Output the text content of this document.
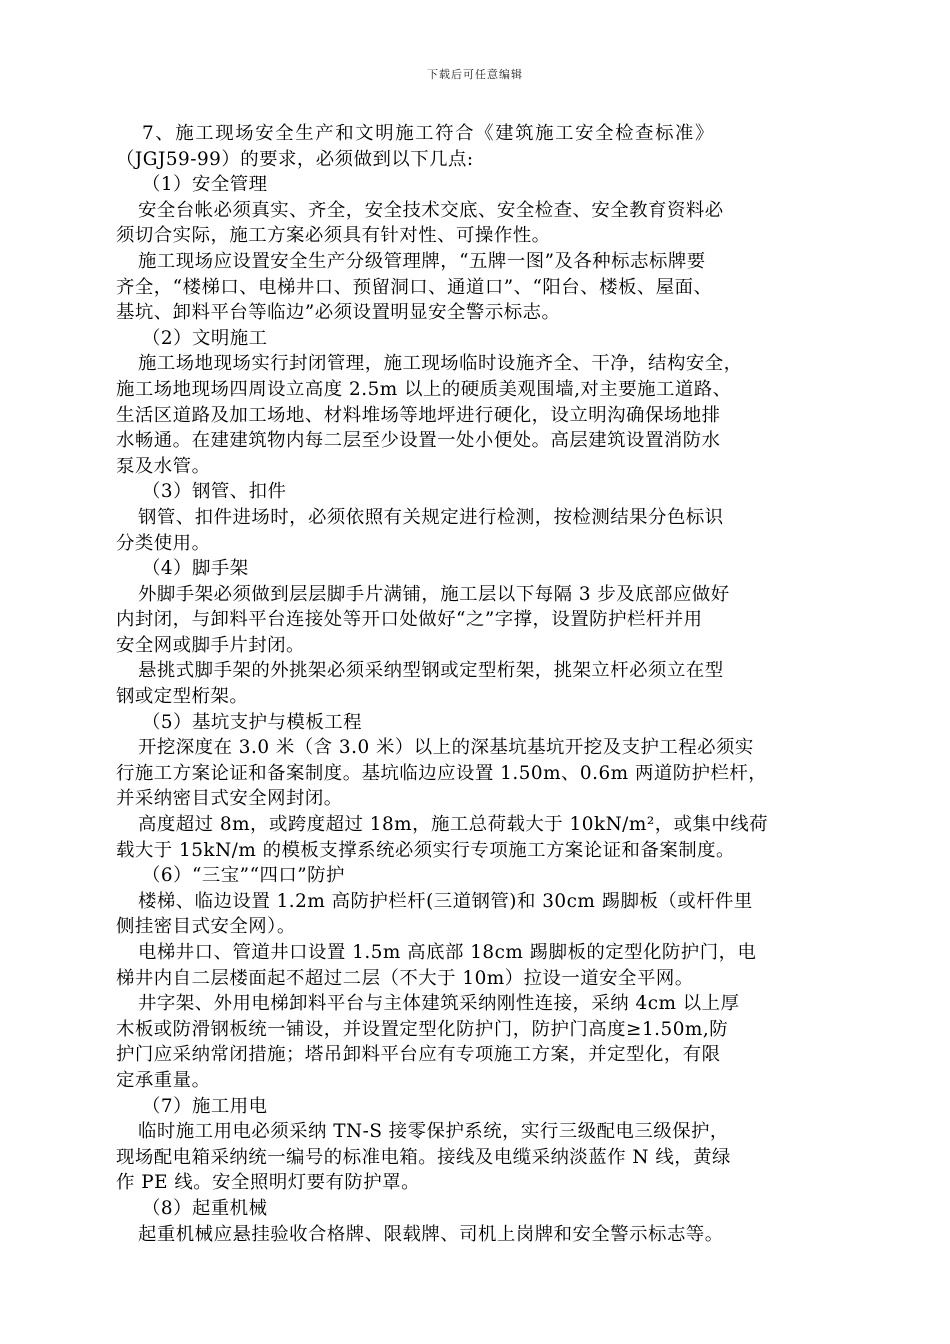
下载后可任意编辑
7、施工现场安全生产和文明施工符合《建筑施工安全检查标准》
（JGJ59-99）的要求，必须做到以下几点:
（1）安全管理
安全台帐必须真实、齐全，安全技术交底、安全检查、安全教育资料必
须切合实际，施工方案必须具有针对性、可操作性。
施工现场应设置安全生产分级管理牌，“五牌一图”及各种标志标牌要
齐全，“楼梯口、电梯井口、预留洞口、通道口”、“阳台、楼板、屋面、
基坑、卸料平台等临边”必须设置明显安全警示标志。
（2）文明施工
施工场地现场实行封闭管理，施工现场临时设施齐全、干净，结构安全，
施工场地现场四周设立高度 2.5m 以上的硬质美观围墙,对主要施工道路、
生活区道路及加工场地、材料堆场等地坪进行硬化，设立明沟确保场地排
水畅通。在建建筑物内每二层至少设置一处小便处。高层建筑设置消防水
泵及水管。
（3）钢管、扣件
钢管、扣件进场时，必须依照有关规定进行检测，按检测结果分色标识
分类使用。
（4）脚手架
外脚手架必须做到层层脚手片满铺，施工层以下每隔 3 步及底部应做好
内封闭，与卸料平台连接处等开口处做好“之”字撑，设置防护栏杆并用
安全网或脚手片封闭。
悬挑式脚手架的外挑架必须采纳型钢或定型桁架，挑架立杆必须立在型
钢或定型桁架。
（5）基坑支护与模板工程
开挖深度在 3.0 米（含 3.0 米）以上的深基坑基坑开挖及支护工程必须实
行施工方案论证和备案制度。基坑临边应设置 1.50m、0.6m 两道防护栏杆，
并采纳密目式安全网封闭。
高度超过 8m，或跨度超过 18m，施工总荷载大于 10kN/m²，或集中线荷
载大于 15kN/m 的模板支撑系统必须实行专项施工方案论证和备案制度。
（6）“三宝”“四口”防护
楼梯、临边设置 1.2m 高防护栏杆(三道钢管)和 30cm 踢脚板（或杆件里
侧挂密目式安全网）。
电梯井口、管道井口设置 1.5m 高底部 18cm 踢脚板的定型化防护门，电
梯井内自二层楼面起不超过二层（不大于 10m）拉设一道安全平网。
井字架、外用电梯卸料平台与主体建筑采纳刚性连接，采纳 4cm 以上厚
木板或防滑钢板统一铺设，并设置定型化防护门，防护门高度≥1.50m,防
护门应采纳常闭措施；塔吊卸料平台应有专项施工方案，并定型化，有限
定承重量。
（7）施工用电
临时施工用电必须采纳 TN-S 接零保护系统，实行三级配电三级保护，
现场配电箱采纳统一编号的标准电箱。接线及电缆采纳淡蓝作 N 线，黄绿
作 PE 线。安全照明灯要有防护罩。
（8）起重机械
起重机械应悬挂验收合格牌、限载牌、司机上岗牌和安全警示标志等。
